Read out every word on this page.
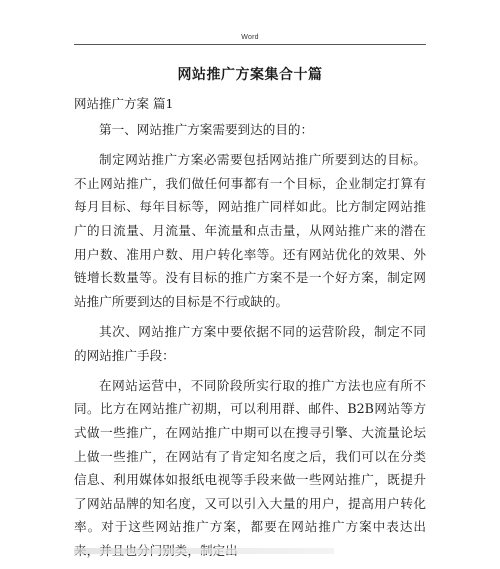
Word
网站推广方案集合十篇
网站推广方案 篇1

第一、网站推广方案需要到达的目的：

制定网站推广方案必需要包括网站推广所要到达的目标。不止网站推广，我们做任何事都有一个目标，企业制定打算有每月目标、每年目标等，网站推广同样如此。比方制定网站推广的日流量、月流量、年流量和点击量，从网站推广来的潜在用户数、准用户数、用户转化率等。还有网站优化的效果、外链增长数量等。没有目标的推广方案不是一个好方案，制定网站推广所要到达的目标是不行或缺的。

其次、网站推广方案中要依据不同的运营阶段，制定不同的网站推广手段：

在网站运营中，不同阶段所实行取的推广方法也应有所不同。比方在网站推广初期，可以利用群、邮件、B2B网站等方式做一些推广，在网站推广中期可以在搜寻引擎、大流量论坛上做一些推广，在网站有了肯定知名度之后，我们可以在分类信息、利用媒体如报纸电视等手段来做一些网站推广，既提升了网站品牌的知名度，又可以引入大量的用户，提高用户转化率。对于这些网站推广方案，都要在网站推广方案中表达出
